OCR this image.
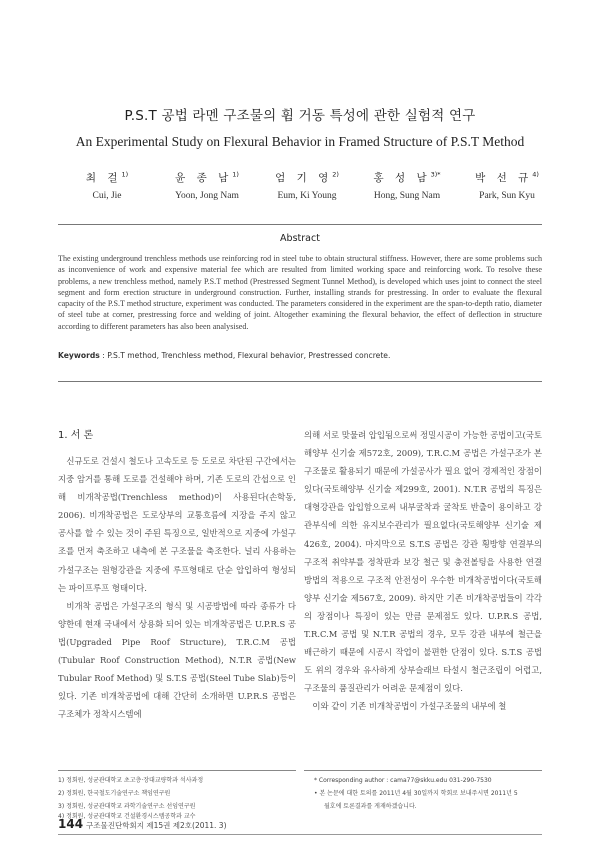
P.S.T 공법 라멘 구조물의 휨 거동 특성에 관한 실험적 연구
An Experimental Study on Flexural Behavior in Framed Structure of P.S.T Method
최 걸$^{1)}$
Cui, Jie
윤 종 남$^{1)}$
Yoon, Jong Nam
엄 기 영$^{2)}$
Eum, Ki Young
홍 성 남$^{3)*}$
Hong, Sung Nam
박 선 규$^{4)}$
Park, Sun Kyu
Abstract
The existing underground trenchless methods use reinforcing rod in steel tube to obtain structural stiffness. However, there are some problems such as inconvenience of work and expensive material fee which are resulted from limited working space and reinforcing work. To resolve these problems, a new trenchless method, namely P.S.T method (Prestressed Segment Tunnel Method), is developed which uses joint to connect the steel segment and form erection structure in underground construction. Further, installing strands for prestressing. In order to evaluate the flexural capacity of the P.S.T method structure, experiment was conducted. The parameters considered in the experiment are the span-to-depth ratio, diameter of steel tube at corner, prestressing force and welding of joint. Altogether examining the flexural behavior, the effect of deflection in structure according to different parameters has also been analysised.
Keywords : P.S.T method, Trenchless method, Flexural behavior, Prestressed concrete.
1. 서 론

신규도로 건설시 철도나 고속도로 등 도로로 차단된 구간에서는 지중 암거를 통해 도로를 건설해야 하며, 기존 도로의 간섭으로 인해 비개착공법(Trenchless method)이 사용된다(손학동, 2006). 비개착공법은 도로상부의 교통흐름에 지장을 주지 않고 공사를 할 수 있는 것이 주된 특징으로, 일반적으로 지중에 가설구조를 먼저 축조하고 내측에 본 구조물을 축조한다. 널리 사용하는 가설구조는 원형강관을 지중에 루프형태로 단순 압입하여 형성되는 파이프루프 형태이다.

비개착 공법은 가설구조의 형식 및 시공방법에 따라 종류가 다양한데 현재 국내에서 상용화 되어 있는 비개착공법은 U.P.R.S 공법(Upgraded Pipe Roof Structure), T.R.C.M 공법(Tubular Roof Construction Method), N.T.R 공법(New Tubular Roof Method) 및 S.T.S 공법(Steel Tube Slab)등이 있다. 기존 비개착공법에 대해 간단히 소개하면 U.P.R.S 공법은 구조체가 정착시스템에

의해 서로 맞물려 압입됨으로써 정밀시공이 가능한 공법이고(국토해양부 신기술 제572호, 2009), T.R.C.M 공법은 가설구조가 본 구조물로 활용되기 때문에 가설공사가 필요 없어 경제적인 장점이 있다(국토해양부 신기술 제299호, 2001). N.T.R 공법의 특징은 대형강관을 압입함으로써 내부굴착과 굴착토 반출이 용이하고 강관부식에 의한 유지보수관리가 필요없다(국토해양부 신기술 제426호, 2004). 마지막으로 S.T.S 공법은 강관 횡방향 연결부의 구조적 취약부를 정착판과 보강 철근 및 충전볼팅을 사용한 연결방법의 적용으로 구조적 안전성이 우수한 비개착공법이다(국토해양부 신기술 제567호, 2009). 하지만 기존 비개착공법들이 각각의 장점이나 특징이 있는 만큼 문제점도 있다. U.P.R.S 공법, T.R.C.M 공법 및 N.T.R 공법의 경우, 모두 강관 내부에 철근을 배근하기 때문에 시공시 작업이 불편한 단점이 있다. S.T.S 공법도 위의 경우와 유사하게 상부슬래브 타설시 철근조립이 어렵고, 구조물의 품질관리가 어려운 문제점이 있다.

이와 같이 기존 비개착공법이 가설구조물의 내부에 철

1) 정회원, 성균관대학교 초고층·장대교량학과 석사과정
2) 정회원, 한국철도기술연구소 책임연구원
3) 정회원, 성균관대학교 과학기술연구소 선임연구원
4) 정회원, 성균관대학교 건설환경시스템공학과 교수
* Corresponding author : cama77@skku.edu 031-290-7530
• 본 논문에 대한 토의를 2011년 4월 30일까지 학회로 보내주시면 2011년 5
월호에 토론결과를 게재하겠습니다.
144 구조물진단학회지 제15권 제2호(2011. 3)
